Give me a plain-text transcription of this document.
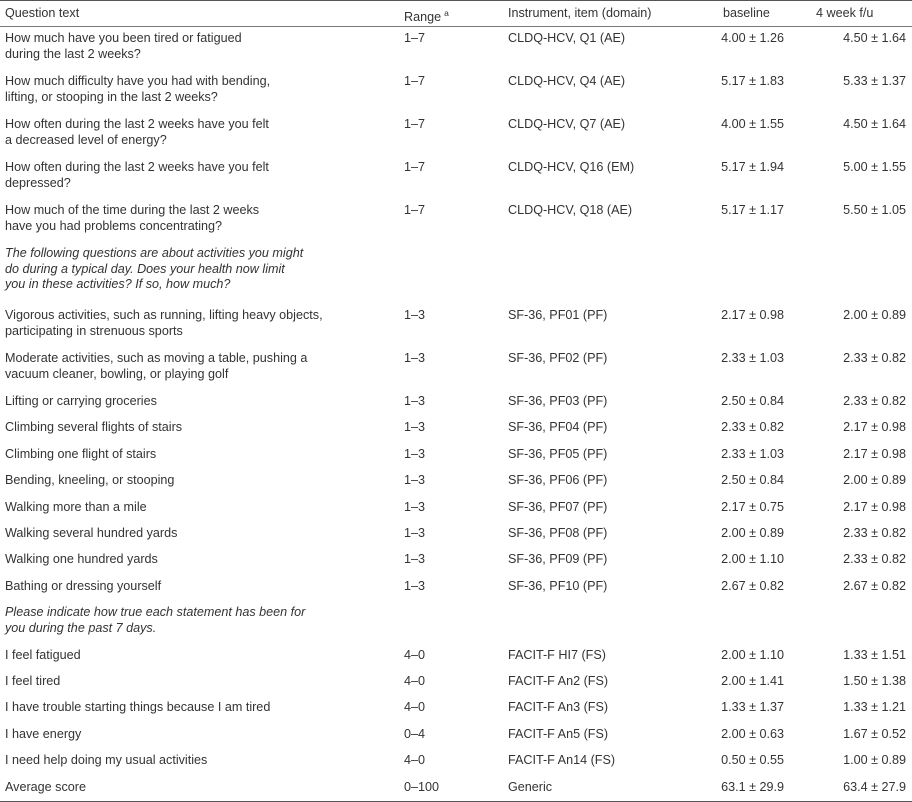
Question text	Range $^a$	Instrument, item (domain)	baseline	4 week f/u
How much have you been tired or fatigued
during the last 2 weeks?
1–7	CLDQ-HCV, Q1 (AE)	4.00 ± 1.26	4.50 ± 1.64
How much difficulty have you had with bending,
lifting, or stooping in the last 2 weeks?
1–7	CLDQ-HCV, Q4 (AE)	5.17 ± 1.83	5.33 ± 1.37
How often during the last 2 weeks have you felt
a decreased level of energy?
1–7	CLDQ-HCV, Q7 (AE)	4.00 ± 1.55	4.50 ± 1.64
How often during the last 2 weeks have you felt
depressed?
1–7	CLDQ-HCV, Q16 (EM)	5.17 ± 1.94	5.00 ± 1.55
How much of the time during the last 2 weeks
have you had problems concentrating?
1–7	CLDQ-HCV, Q18 (AE)	5.17 ± 1.17	5.50 ± 1.05
The following questions are about activities you might
do during a typical day. Does your health now limit
you in these activities? If so, how much?
Vigorous activities, such as running, lifting heavy objects,
participating in strenuous sports
1–3	SF-36, PF01 (PF)	2.17 ± 0.98	2.00 ± 0.89
Moderate activities, such as moving a table, pushing a
vacuum cleaner, bowling, or playing golf
1–3	SF-36, PF02 (PF)	2.33 ± 1.03	2.33 ± 0.82
Lifting or carrying groceries	1–3	SF-36, PF03 (PF)	2.50 ± 0.84	2.33 ± 0.82
Climbing several flights of stairs	1–3	SF-36, PF04 (PF)	2.33 ± 0.82	2.17 ± 0.98
Climbing one flight of stairs	1–3	SF-36, PF05 (PF)	2.33 ± 1.03	2.17 ± 0.98
Bending, kneeling, or stooping	1–3	SF-36, PF06 (PF)	2.50 ± 0.84	2.00 ± 0.89
Walking more than a mile	1–3	SF-36, PF07 (PF)	2.17 ± 0.75	2.17 ± 0.98
Walking several hundred yards	1–3	SF-36, PF08 (PF)	2.00 ± 0.89	2.33 ± 0.82
Walking one hundred yards	1–3	SF-36, PF09 (PF)	2.00 ± 1.10	2.33 ± 0.82
Bathing or dressing yourself	1–3	SF-36, PF10 (PF)	2.67 ± 0.82	2.67 ± 0.82
Please indicate how true each statement has been for
you during the past 7 days.
I feel fatigued	4–0	FACIT-F HI7 (FS)	2.00 ± 1.10	1.33 ± 1.51
I feel tired	4–0	FACIT-F An2 (FS)	2.00 ± 1.41	1.50 ± 1.38
I have trouble starting things because I am tired	4–0	FACIT-F An3 (FS)	1.33 ± 1.37	1.33 ± 1.21
I have energy	0–4	FACIT-F An5 (FS)	2.00 ± 0.63	1.67 ± 0.52
I need help doing my usual activities	4–0	FACIT-F An14 (FS)	0.50 ± 0.55	1.00 ± 0.89
Average score	0–100	Generic	63.1 ± 29.9	63.4 ± 27.9
